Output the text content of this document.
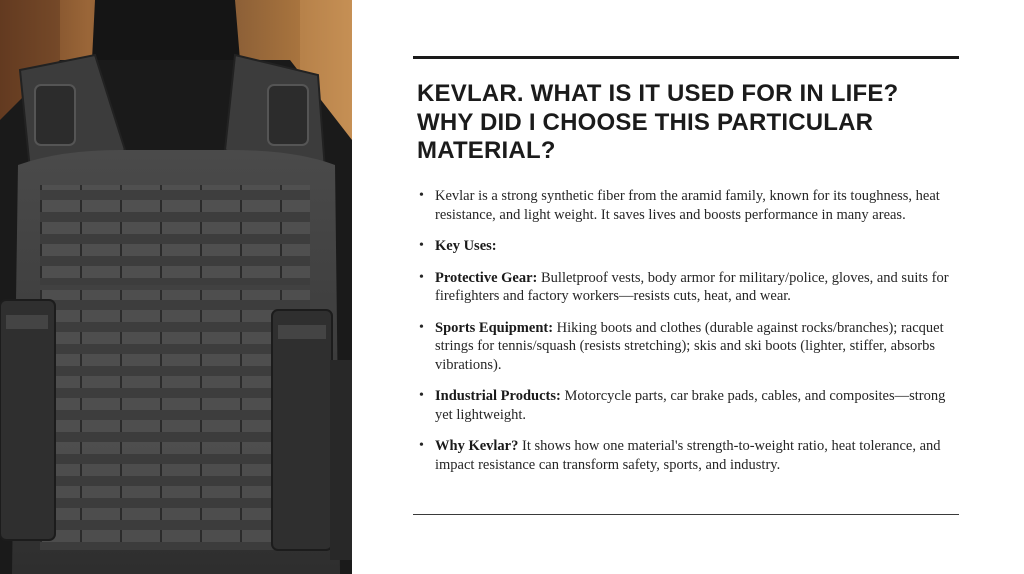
KEVLAR. WHAT IS IT USED FOR IN LIFE?WHY DID I CHOOSE THIS PARTICULAR MATERIAL?
• Kevlar is a strong synthetic fiber from the aramid family, known for its toughness, heat resistance, and light weight. It saves lives and boosts performance in many areas.
• Key Uses:
• Protective Gear: Bulletproof vests, body armor for military/police, gloves, and suits for firefighters and factory workers—resists cuts, heat, and wear.
• Sports Equipment: Hiking boots and clothes (durable against rocks/branches); racquet strings for tennis/squash (resists stretching); skis and ski boots (lighter, stiffer, absorbs vibrations).
• Industrial Products: Motorcycle parts, car brake pads, cables, and composites—strong yet lightweight.
• Why Kevlar? It shows how one material's strength-to-weight ratio, heat tolerance, and impact resistance can transform safety, sports, and industry.
